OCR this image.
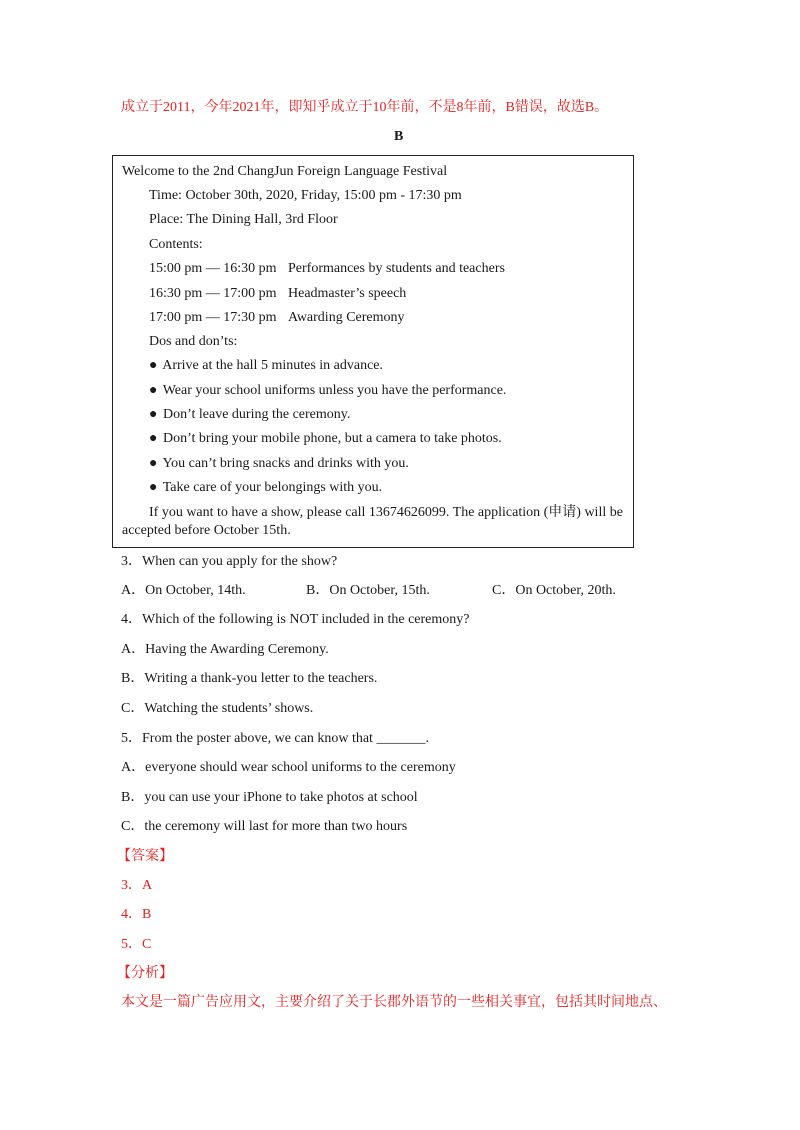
成立于2011，今年2021年，即知乎成立于10年前，不是8年前，B错误，故选B。
B
Welcome to the 2nd ChangJun Foreign Language Festival
Time: October 30th, 2020, Friday, 15:00 pm - 17:30 pm
Place: The Dining Hall, 3rd Floor
Contents:
15:00 pm — 16:30 pm Performances by students and teachers
16:30 pm — 17:00 pm Headmaster’s speech
17:00 pm — 17:30 pm Awarding Ceremony
Dos and don’ts:
● Arrive at the hall 5 minutes in advance.
● Wear your school uniforms unless you have the performance.
● Don’t leave during the ceremony.
● Don’t bring your mobile phone, but a camera to take photos.
● You can’t bring snacks and drinks with you.
● Take care of your belongings with you.
If you want to have a show, please call 13674626099. The application (申请) will be
accepted before October 15th.
3．When can you apply for the show?
A．On October, 14th.	B．On October, 15th.	C．On October, 20th.
4．Which of the following is NOT included in the ceremony?
A．Having the Awarding Ceremony.
B．Writing a thank-you letter to the teachers.
C．Watching the students’ shows.
5．From the poster above, we can know that _______.
A．everyone should wear school uniforms to the ceremony
B．you can use your iPhone to take photos at school
C．the ceremony will last for more than two hours
【答案】
3．A
4．B
5．C
【分析】
本文是一篇广告应用文，主要介绍了关于长郡外语节的一些相关事宜，包括其时间地点、
